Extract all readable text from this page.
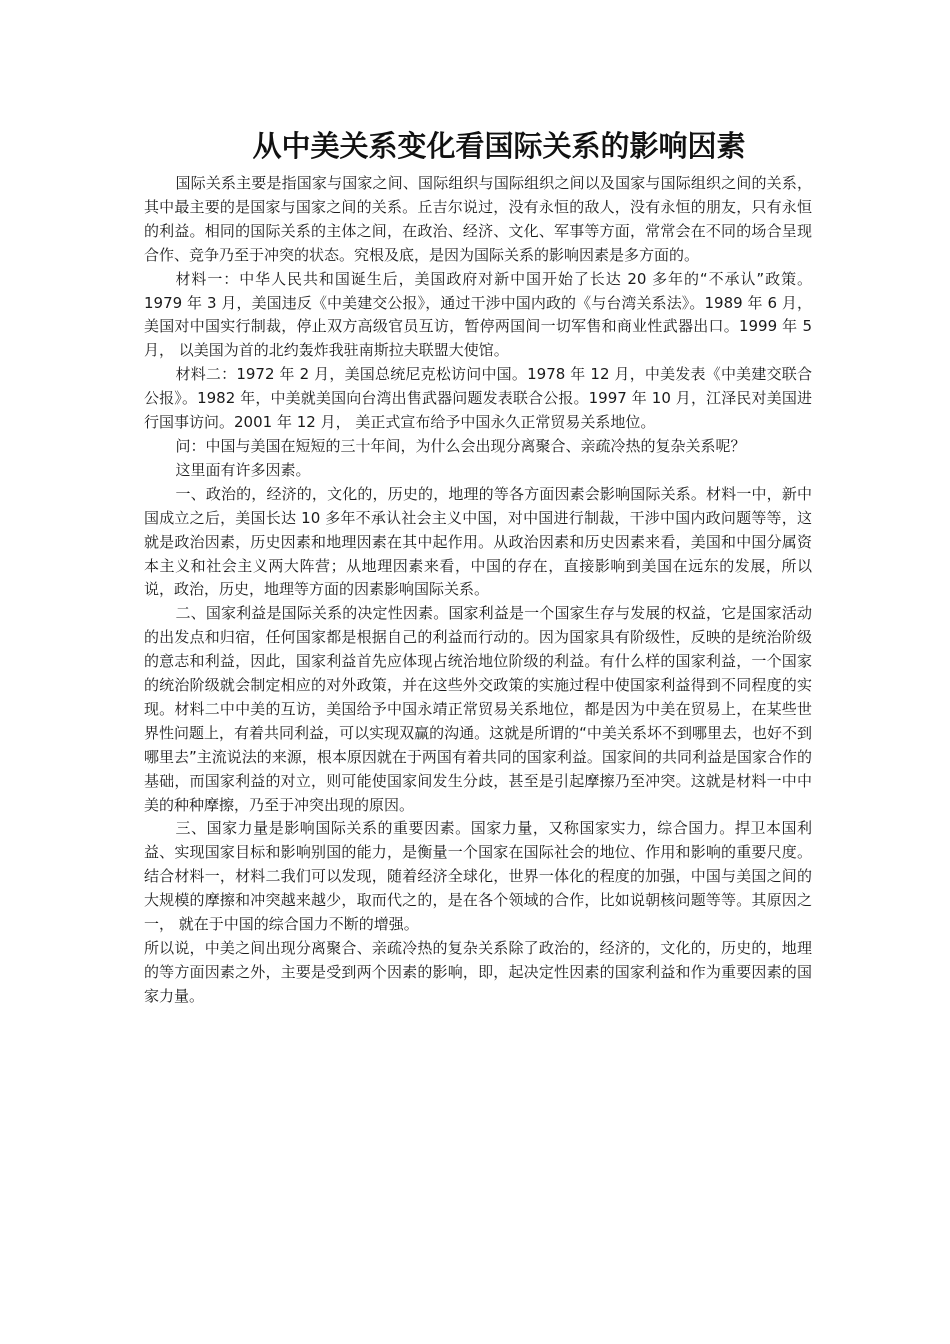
从中美关系变化看国际关系的影响因素

国际关系主要是指国家与国家之间、国际组织与国际组织之间以及国家与国际组织之间的关系，其中最主要的是国家与国家之间的关系。丘吉尔说过，没有永恒的敌人，没有永恒的朋友，只有永恒的利益。相同的国际关系的主体之间，在政治、经济、文化、军事等方面，常常会在不同的场合呈现合作、竞争乃至于冲突的状态。究根及底，是因为国际关系的影响因素是多方面的。

材料一：中华人民共和国诞生后，美国政府对新中国开始了长达 20 多年的“不承认”政策。1979 年 3 月，美国违反《中美建交公报》，通过干涉中国内政的《与台湾关系法》。1989 年 6 月，美国对中国实行制裁，停止双方高级官员互访，暂停两国间一切军售和商业性武器出口。1999 年 5 月， 以美国为首的北约轰炸我驻南斯拉夫联盟大使馆。

材料二：1972 年 2 月，美国总统尼克松访问中国。1978 年 12 月，中美发表《中美建交联合公报》。1982 年，中美就美国向台湾出售武器问题发表联合公报。1997 年 10 月，江泽民对美国进行国事访问。2001 年 12 月， 美正式宣布给予中国永久正常贸易关系地位。

问：中国与美国在短短的三十年间，为什么会出现分离聚合、亲疏冷热的复杂关系呢？

这里面有许多因素。

一、政治的，经济的，文化的，历史的，地理的等各方面因素会影响国际关系。材料一中，新中国成立之后，美国长达 10 多年不承认社会主义中国，对中国进行制裁，干涉中国内政问题等等，这就是政治因素，历史因素和地理因素在其中起作用。从政治因素和历史因素来看，美国和中国分属资本主义和社会主义两大阵营；从地理因素来看，中国的存在，直接影响到美国在远东的发展，所以说，政治，历史，地理等方面的因素影响国际关系。

二、国家利益是国际关系的决定性因素。国家利益是一个国家生存与发展的权益，它是国家活动的出发点和归宿，任何国家都是根据自己的利益而行动的。因为国家具有阶级性，反映的是统治阶级的意志和利益，因此，国家利益首先应体现占统治地位阶级的利益。有什么样的国家利益，一个国家的统治阶级就会制定相应的对外政策，并在这些外交政策的实施过程中使国家利益得到不同程度的实现。材料二中中美的互访，美国给予中国永靖正常贸易关系地位，都是因为中美在贸易上，在某些世界性问题上，有着共同利益，可以实现双赢的沟通。这就是所谓的“中美关系坏不到哪里去，也好不到哪里去”主流说法的来源，根本原因就在于两国有着共同的国家利益。国家间的共同利益是国家合作的基础，而国家利益的对立，则可能使国家间发生分歧，甚至是引起摩擦乃至冲突。这就是材料一中中美的种种摩擦，乃至于冲突出现的原因。

三、国家力量是影响国际关系的重要因素。国家力量，又称国家实力，综合国力。捍卫本国利益、实现国家目标和影响别国的能力，是衡量一个国家在国际社会的地位、作用和影响的重要尺度。结合材料一，材料二我们可以发现，随着经济全球化，世界一体化的程度的加强，中国与美国之间的大规模的摩擦和冲突越来越少，取而代之的，是在各个领域的合作，比如说朝核问题等等。其原因之一， 就在于中国的综合国力不断的增强。

所以说，中美之间出现分离聚合、亲疏冷热的复杂关系除了政治的，经济的，文化的，历史的，地理的等方面因素之外，主要是受到两个因素的影响，即，起决定性因素的国家利益和作为重要因素的国家力量。
